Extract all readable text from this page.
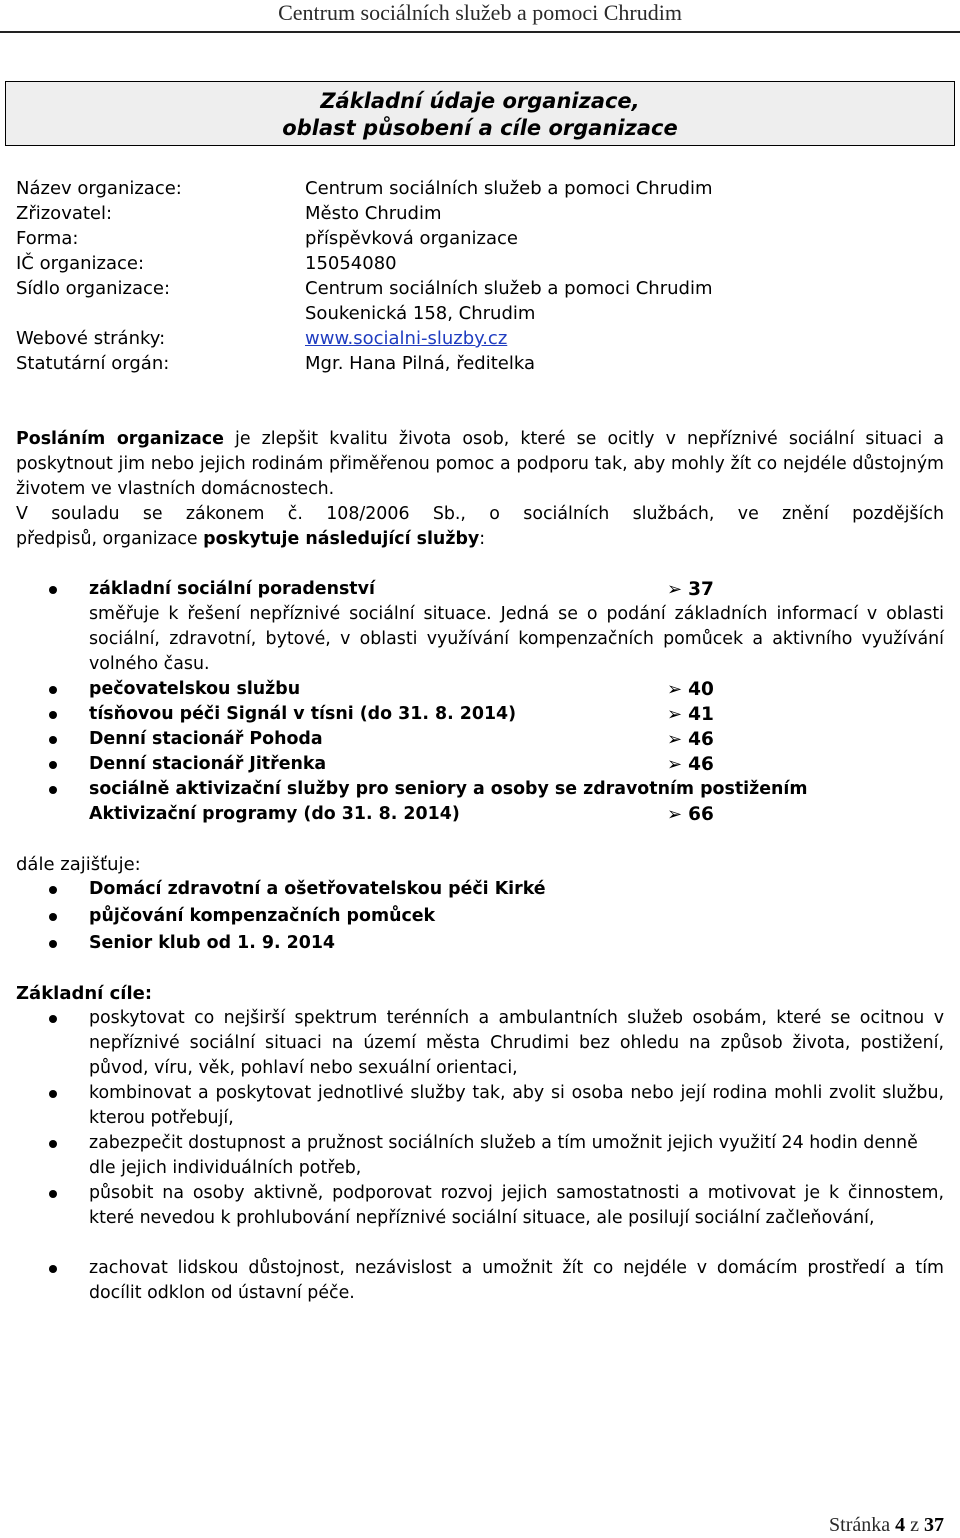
Centrum sociálních služeb a pomoci Chrudim
Základní údaje organizace,
oblast působení a cíle organizace
Název organizace:	Centrum sociálních služeb a pomoci Chrudim
Zřizovatel:	Město Chrudim
Forma:	příspěvková organizace
IČ organizace:	15054080
Sídlo organizace:	Centrum sociálních služeb a pomoci Chrudim
Soukenická 158, Chrudim
Webové stránky:	www.socialni-sluzby.cz
Statutární orgán:	Mgr. Hana Pilná, ředitelka
Posláním organizace je zlepšit kvalitu života osob, které se ocitly v nepříznivé sociální situaci a poskytnout jim nebo jejich rodinám přiměřenou pomoc a podporu tak, aby mohly žít co nejdéle důstojným životem ve vlastních domácnostech.
V souladu se zákonem č. 108/2006 Sb., o sociálních službách, ve znění pozdějších
předpisů, organizace poskytuje následující služby:
základní sociální poradenství	➢ 37
směřuje k řešení nepříznivé sociální situace. Jedná se o podání základních informací v oblasti sociální, zdravotní, bytové, v oblasti využívání kompenzačních pomůcek a aktivního využívání volného času.
pečovatelskou službu	➢ 40
tísňovou péči Signál v tísni (do 31. 8. 2014)	➢ 41
Denní stacionář Pohoda	➢ 46
Denní stacionář Jitřenka	➢ 46
sociálně aktivizační služby pro seniory a osoby se zdravotním postižením
Aktivizační programy (do 31. 8. 2014)	➢ 66
dále zajišťuje:
Domácí zdravotní a ošetřovatelskou péči Kirké
půjčování kompenzačních pomůcek
Senior klub od 1. 9. 2014
Základní cíle:
poskytovat co nejširší spektrum terénních a ambulantních služeb osobám, které se ocitnou v nepříznivé sociální situaci na území města Chrudimi bez ohledu na způsob života, postižení, původ, víru, věk, pohlaví nebo sexuální orientaci,
kombinovat a poskytovat jednotlivé služby tak, aby si osoba nebo její rodina mohli zvolit službu, kterou potřebují,
zabezpečit dostupnost a pružnost sociálních služeb a tím umožnit jejich využití 24 hodin denně dle jejich individuálních potřeb,
působit na osoby aktivně, podporovat rozvoj jejich samostatnosti a motivovat je k činnostem, které nevedou k prohlubování nepříznivé sociální situace, ale posilují sociální začleňování,
zachovat lidskou důstojnost, nezávislost a umožnit žít co nejdéle v domácím prostředí a tím docílit odklon od ústavní péče.
Stránka 4 z 37
